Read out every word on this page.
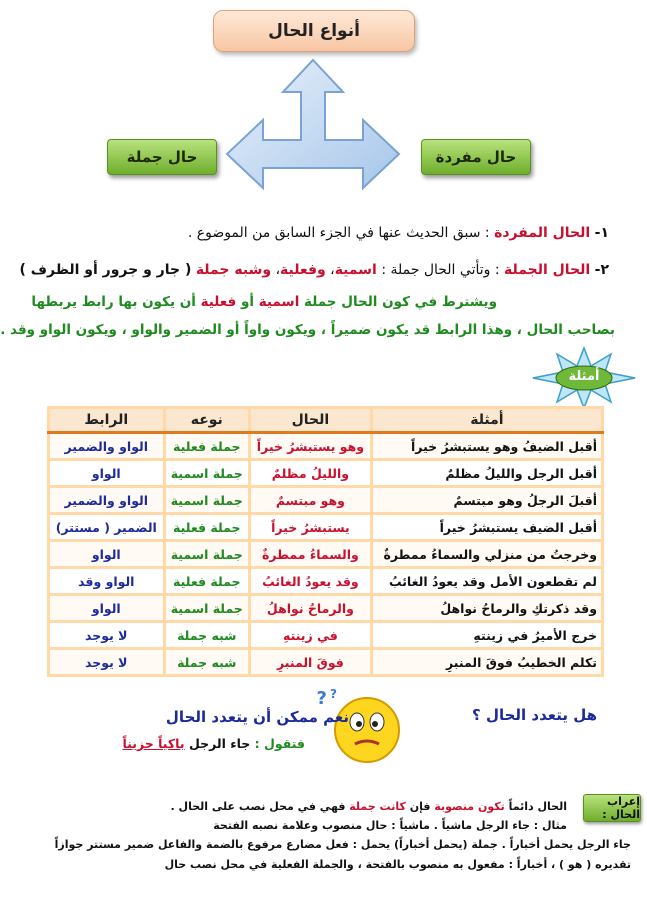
أنواع الحال
حال جملة	حال مفردة
١- الحال المفردة : سبق الحديث عنها في الجزء السابق من الموضوع .
٢- الحال الجملة : وتأتي الحال جملة : اسمية، وفعلية، وشبه جملة ( جار و جرور أو الظرف )
ويشترط في كون الحال جملة اسمية أو فعلية أن يكون بها رابط يربطها
بصاحب الحال ، وهذا الرابط قد يكون ضميراً ، ويكون واواً أو الضمير والواو ، ويكون الواو وقد .
أمثلة
أمثلة	الحال	نوعه	الرابط
أقبل الضيفُ وهو يستبشرُ خيراً	وهو يستبشرُ خيراً	جملة فعلية	الواو والضمير
أقبل الرجل والليلُ مظلمٌ	والليلُ مظلمٌ	جملة اسمية	الواو
أقبلَ الرجلُ وهو مبتسمٌ	وهو مبتسمٌ	جملة اسمية	الواو والضمير
أقبل الضيف يستبشرُ خيراً	يستبشرُ خيراً	جملة فعلية	الضمير ( مستتر)
وخرجتُ من منزلي والسماءُ ممطرةٌ	والسماءُ ممطرةٌ	جملة اسمية	الواو
لم تقطعون الأمل وقد يعودُ الغائبُ	وقد يعودُ الغائبُ	جملة فعلية	الواو وقد
وقد ذكرتكِ والرماحُ نواهلُ	والرماحُ نواهلُ	جملة اسمية	الواو
خرج الأميرُ في زينتهِ	في زينتهِ	شبه جملة	لا يوجد
تكلم الخطيبُ فوقَ المنبرِ	فوقَ المنبرِ	شبه جملة	لا يوجد
هل يتعدد الحال ؟
? ?
نعم ممكن أن يتعدد الحال
فتقول : جاء الرجل باكياً حزيناً
إعراب الحال :
الحال دائماً تكون منصوبة فإن كانت جملة فهي في محل نصب على الحال .
مثال : جاء الرجل ماشياً . ماشياً : حال منصوب وعلامة نصبه الفتحة
جاء الرجل يحمل أخباراً . جملة (يحمل أخباراً) يحمل : فعل مضارع مرفوع بالضمة والفاعل ضمير مستتر جوازاً
تقديره ( هو ) ، أخباراً : مفعول به منصوب بالفتحة ، والجملة الفعلية في محل نصب حال
